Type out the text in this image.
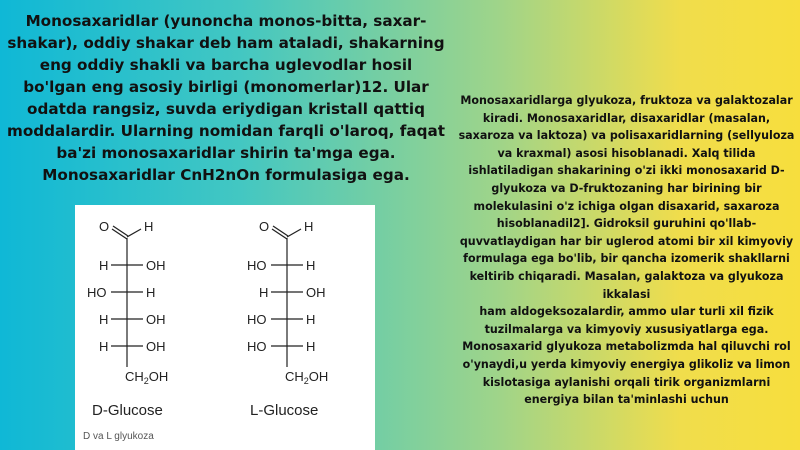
Monosaxaridlar (yunoncha monos-bitta, saxar-shakar), oddiy shakar deb ham ataladi, shakarning eng oddiy shakli va barcha uglevodlar hosil bo'lgan eng asosiy birligi (monomerlar)12. Ular odatda rangsiz, suvda eriydigan kristall qattiq moddalardir. Ularning nomidan farqli o'laroq, faqat ba'zi monosaxaridlar shirin ta'mga ega. Monosaxaridlar CnH2nOn formulasiga ega.
Monosaxaridlarga glyukoza, fruktoza va galaktozalar kiradi. Monosaxaridlar, disaxaridlar (masalan, saxaroza va laktoza) va polisaxaridlarning (sellyuloza va kraxmal) asosi hisoblanadi. Xalq tilida ishlatiladigan shakarining o'zi ikki monosaxarid D-glyukoza va D-fruktozaning har birining bir molekulasini o'z ichiga olgan disaxarid, saxaroza hisoblanadil2]. Gidroksil guruhini qo'llab-quvvatlaydigan har bir uglerod atomi bir xil kimyoviy formulaga ega bo'lib, bir qancha izomerik shakllarni keltirib chiqaradi. Masalan, galaktoza va glyukoza ikkalasi
ham aldogeksozalardir, ammo ular turli xil fizik tuzilmalarga va kimyoviy xususiyatlarga ega. Monosaxarid glyukoza metabolizmda hal qiluvchi rol o'ynaydi,u yerda kimyoviy energiya glikoliz va limon kislotasiga aylanishi orqali tirik organizmlarni energiya bilan ta'minlashi uchun
O	H
H	OH
HO	H
H	OH
H	OH
$CH_2OH$
O	H
HO	H
H	OH
HO	H
HO	H
$CH_2OH$
D-Glucose	L-Glucose
D va L glyukoza
